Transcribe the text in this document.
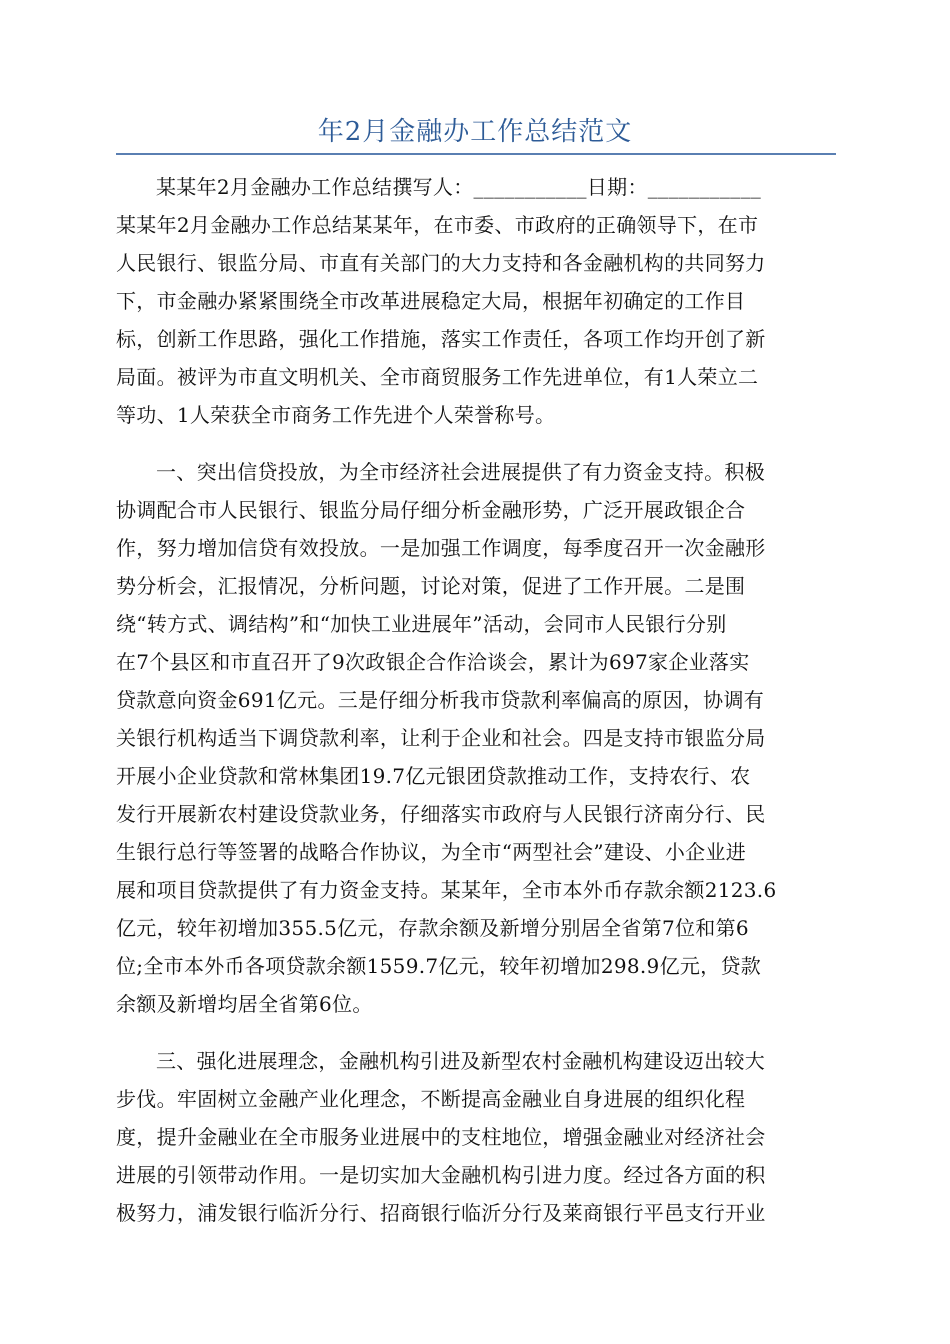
年2月金融办工作总结范文
某某年2月金融办工作总结撰写人：___________日期：___________
某某年2月金融办工作总结某某年，在市委、市政府的正确领导下，在市
人民银行、银监分局、市直有关部门的大力支持和各金融机构的共同努力
下，市金融办紧紧围绕全市改革进展稳定大局，根据年初确定的工作目
标，创新工作思路，强化工作措施，落实工作责任，各项工作均开创了新
局面。被评为市直文明机关、全市商贸服务工作先进单位，有1人荣立二
等功、1人荣获全市商务工作先进个人荣誉称号。
一、突出信贷投放，为全市经济社会进展提供了有力资金支持。积极
协调配合市人民银行、银监分局仔细分析金融形势，广泛开展政银企合
作，努力增加信贷有效投放。一是加强工作调度，每季度召开一次金融形
势分析会，汇报情况，分析问题，讨论对策，促进了工作开展。二是围
绕“转方式、调结构”和“加快工业进展年”活动，会同市人民银行分别
在7个县区和市直召开了9次政银企合作洽谈会，累计为697家企业落实
贷款意向资金691亿元。三是仔细分析我市贷款利率偏高的原因，协调有
关银行机构适当下调贷款利率，让利于企业和社会。四是支持市银监分局
开展小企业贷款和常林集团19.7亿元银团贷款推动工作，支持农行、农
发行开展新农村建设贷款业务，仔细落实市政府与人民银行济南分行、民
生银行总行等签署的战略合作协议，为全市“两型社会”建设、小企业进
展和项目贷款提供了有力资金支持。某某年，全市本外币存款余额2123.6
亿元，较年初增加355.5亿元，存款余额及新增分别居全省第7位和第6
位;全市本外币各项贷款余额1559.7亿元，较年初增加298.9亿元，贷款
余额及新增均居全省第6位。
三、强化进展理念，金融机构引进及新型农村金融机构建设迈出较大
步伐。牢固树立金融产业化理念，不断提高金融业自身进展的组织化程
度，提升金融业在全市服务业进展中的支柱地位，增强金融业对经济社会
进展的引领带动作用。一是切实加大金融机构引进力度。经过各方面的积
极努力，浦发银行临沂分行、招商银行临沂分行及莱商银行平邑支行开业
